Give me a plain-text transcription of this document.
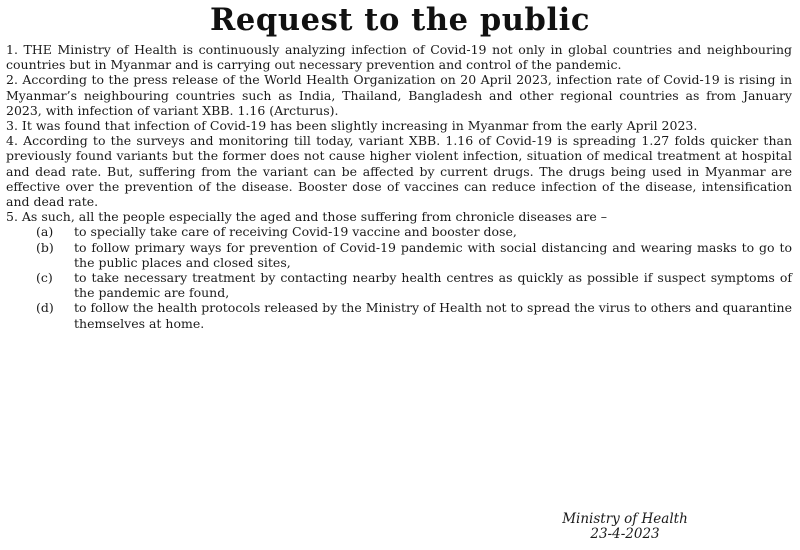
Request to the public

1. THE Ministry of Health is continuously analyzing infection of Covid-19 not only in global countries and neighbouring countries but in Myanmar and is carrying out necessary prevention and control of the pandemic.

2. According to the press release of the World Health Organization on 20 April 2023, infection rate of Covid-19 is rising in Myanmar’s neighbouring countries such as India, Thailand, Bangladesh and other regional countries as from January 2023, with infection of variant XBB. 1.16 (Arcturus).

3. It was found that infection of Covid-19 has been slightly increasing in Myanmar from the early April 2023.

4. According to the surveys and monitoring till today, variant XBB. 1.16 of Covid-19 is spreading 1.27 folds quicker than previously found variants but the former does not cause higher violent infection, situation of medical treatment at hospital and dead rate. But, suffering from the variant can be affected by current drugs. The drugs being used in Myanmar are effective over the prevention of the disease. Booster dose of vaccines can reduce infection of the disease, intensification and dead rate.

5. As such, all the people especially the aged and those suffering from chronicle diseases are –

(a) to specially take care of receiving Covid-19 vaccine and booster dose,
(b) to follow primary ways for prevention of Covid-19 pandemic with social distancing and wearing masks to go to the public places and closed sites,
(c) to take necessary treatment by contacting nearby health centres as quickly as possible if suspect symptoms of the pandemic are found,
(d) to follow the health protocols released by the Ministry of Health not to spread the virus to others and quarantine themselves at home.
Ministry of Health
23-4-2023
